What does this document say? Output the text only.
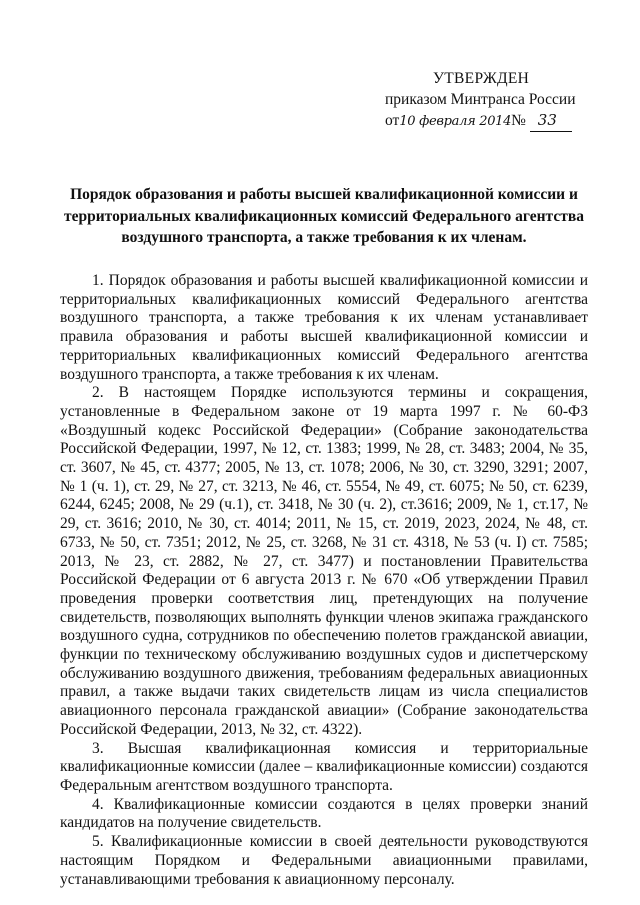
УТВЕРЖДЕН
приказом Минтранса России
от10 февраля 2014№ 33
Порядок образования и работы высшей квалификационной комиссии и территориальных квалификационных комиссий Федерального агентства воздушного транспорта, а также требования к их членам.

1. Порядок образования и работы высшей квалификационной комиссии и территориальных квалификационных комиссий Федерального агентства воздушного транспорта, а также требования к их членам устанавливает правила образования и работы высшей квалификационной комиссии и территориальных квалификационных комиссий Федерального агентства воздушного транспорта, а также требования к их членам.

2. В настоящем Порядке используются термины и сокращения, установленные в Федеральном законе от 19 марта 1997 г. № 60-ФЗ «Воздушный кодекс Российской Федерации» (Собрание законодательства Российской Федерации, 1997, № 12, ст. 1383; 1999, № 28, ст. 3483; 2004, № 35, ст. 3607, № 45, ст. 4377; 2005, № 13, ст. 1078; 2006, № 30, ст. 3290, 3291; 2007, № 1 (ч. 1), ст. 29, № 27, ст. 3213, № 46, ст. 5554, № 49, ст. 6075; № 50, ст. 6239, 6244, 6245; 2008, № 29 (ч.1), ст. 3418, № 30 (ч. 2), ст.3616; 2009, № 1, ст.17, № 29, ст. 3616; 2010, № 30, ст. 4014; 2011, № 15, ст. 2019, 2023, 2024, № 48, ст. 6733, № 50, ст. 7351; 2012, № 25, ст. 3268, № 31 ст. 4318, № 53 (ч. I) ст. 7585; 2013, № 23, ст. 2882, № 27, ст. 3477) и постановлении Правительства Российской Федерации от 6 августа 2013 г. № 670 «Об утверждении Правил проведения проверки соответствия лиц, претендующих на получение свидетельств, позволяющих выполнять функции членов экипажа гражданского воздушного судна, сотрудников по обеспечению полетов гражданской авиации, функции по техническому обслуживанию воздушных судов и диспетчерскому обслуживанию воздушного движения, требованиям федеральных авиационных правил, а также выдачи таких свидетельств лицам из числа специалистов авиационного персонала гражданской авиации» (Собрание законодательства Российской Федерации, 2013, № 32, ст. 4322).

3. Высшая квалификационная комиссия и территориальные квалификационные комиссии (далее – квалификационные комиссии) создаются Федеральным агентством воздушного транспорта.

4. Квалификационные комиссии создаются в целях проверки знаний кандидатов на получение свидетельств.

5. Квалификационные комиссии в своей деятельности руководствуются настоящим Порядком и Федеральными авиационными правилами, устанавливающими требования к авиационному персоналу.
